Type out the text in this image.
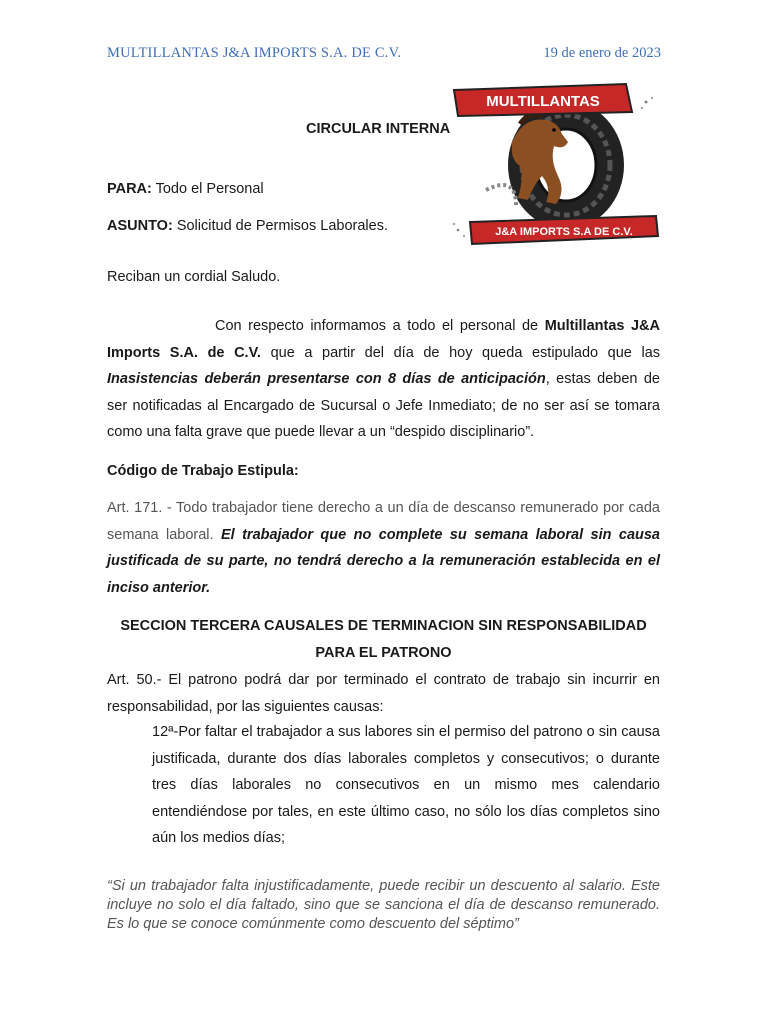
MULTILLANTAS J&A IMPORTS S.A. DE C.V.	19 de enero de 2023
MULTILLANTAS
J&A IMPORTS S.A DE C.V.
CIRCULAR INTERNA
PARA: Todo el Personal
ASUNTO: Solicitud de Permisos Laborales.
Reciban un cordial Saludo.
Con respecto informamos a todo el personal de Multillantas J&A Imports S.A. de C.V. que a partir del día de hoy queda estipulado que las Inasistencias deberán presentarse con 8 días de anticipación, estas deben de ser notificadas al Encargado de Sucursal o Jefe Inmediato; de no ser así se tomara como una falta grave que puede llevar a un “despido disciplinario”.
Código de Trabajo Estipula:
Art. 171. - Todo trabajador tiene derecho a un día de descanso remunerado por cada semana laboral. El trabajador que no complete su semana laboral sin causa justificada de su parte, no tendrá derecho a la remuneración establecida en el inciso anterior.
SECCION TERCERA CAUSALES DE TERMINACION SIN RESPONSABILIDAD
PARA EL PATRONO
Art. 50.- El patrono podrá dar por terminado el contrato de trabajo sin incurrir en responsabilidad, por las siguientes causas:
12ª-Por faltar el trabajador a sus labores sin el permiso del patrono o sin causa justificada, durante dos días laborales completos y consecutivos; o durante tres días laborales no consecutivos en un mismo mes calendario entendiéndose por tales, en este último caso, no sólo los días completos sino aún los medios días;
“Si un trabajador falta injustificadamente, puede recibir un descuento al salario. Este incluye no solo el día faltado, sino que se sanciona el día de descanso remunerado. Es lo que se conoce comúnmente como descuento del séptimo”
